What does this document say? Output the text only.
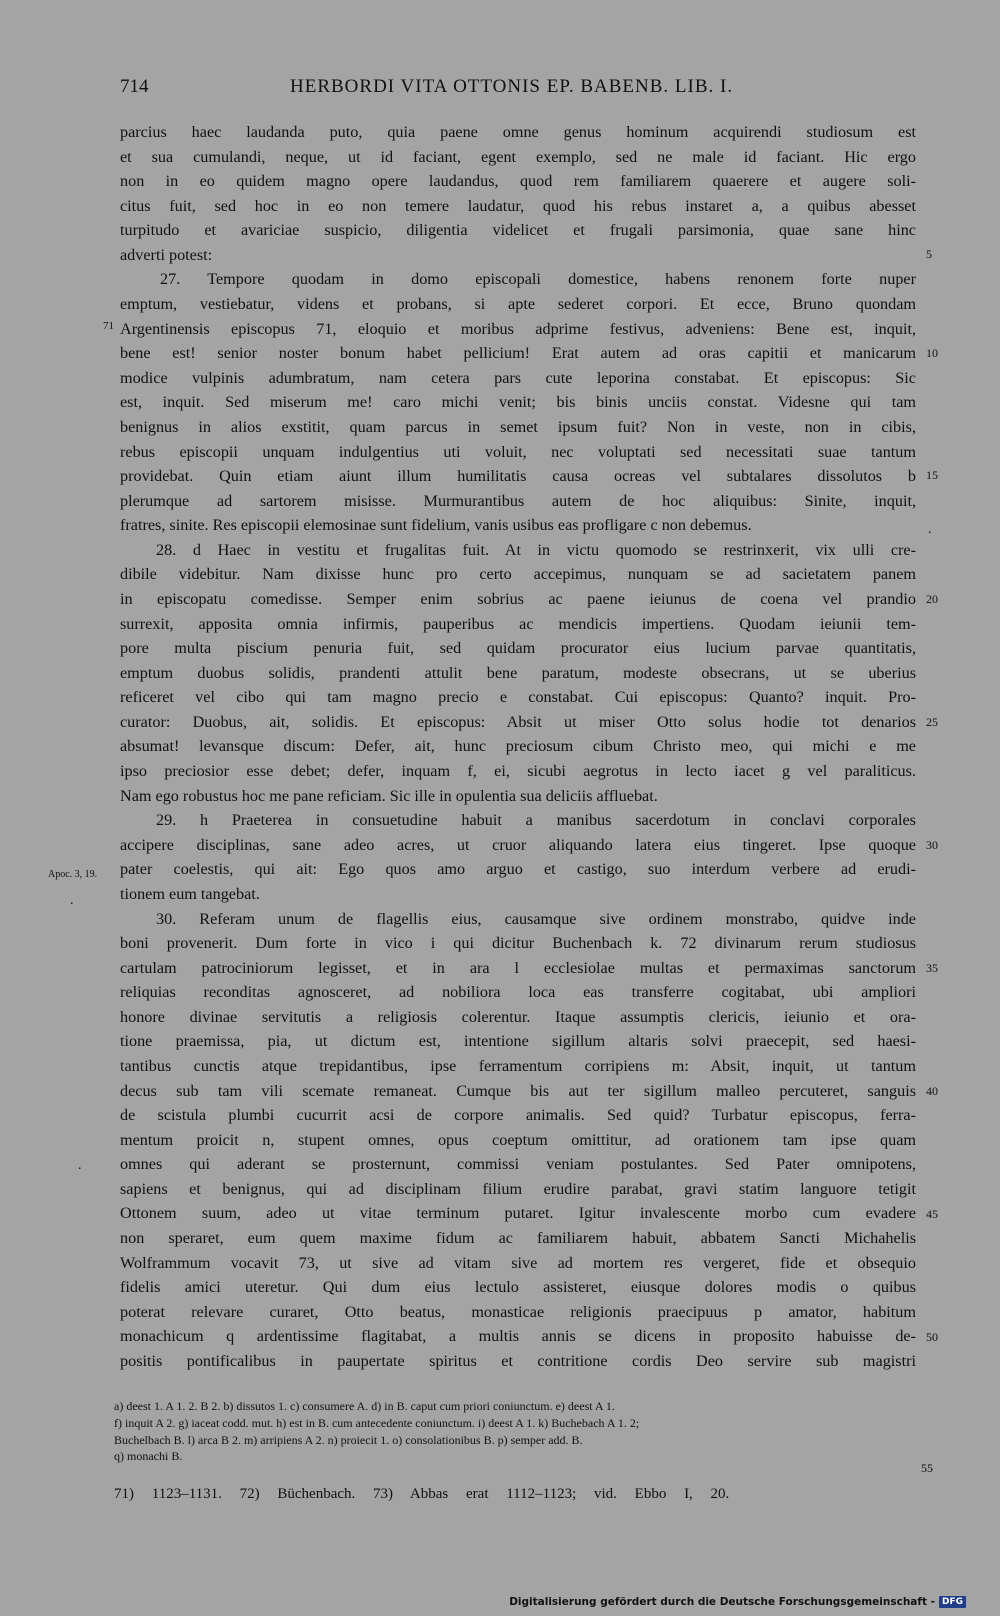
714	HERBORDI VITA OTTONIS EP. BABENB. LIB. I.
parcius haec laudanda puto, quia paene omne genus hominum acquirendi studiosum est
et sua cumulandi, neque, ut id faciant, egent exemplo, sed ne male id faciant. Hic ergo
non in eo quidem magno opere laudandus, quod rem familiarem quaerere et augere soli-
citus fuit, sed hoc in eo non temere laudatur, quod his rebus instaret a, a quibus abesset
turpitudo et avariciae suspicio, diligentia videlicet et frugali parsimonia, quae sane hinc
adverti potest:
27. Tempore quodam in domo episcopali domestice, habens renonem forte nuper
emptum, vestiebatur, videns et probans, si apte sederet corpori. Et ecce, Bruno quondam
Argentinensis episcopus 71, eloquio et moribus adprime festivus, adveniens: Bene est, inquit,
bene est! senior noster bonum habet pellicium! Erat autem ad oras capitii et manicarum
modice vulpinis adumbratum, nam cetera pars cute leporina constabat. Et episcopus: Sic
est, inquit. Sed miserum me! caro michi venit; bis binis unciis constat. Videsne qui tam
benignus in alios exstitit, quam parcus in semet ipsum fuit? Non in veste, non in cibis,
rebus episcopii unquam indulgentius uti voluit, nec voluptati sed necessitati suae tantum
providebat. Quin etiam aiunt illum humilitatis causa ocreas vel subtalares dissolutos b
plerumque ad sartorem misisse. Murmurantibus autem de hoc aliquibus: Sinite, inquit,
fratres, sinite. Res episcopii elemosinae sunt fidelium, vanis usibus eas profligare c non debemus.
28. d Haec in vestitu et frugalitas fuit. At in victu quomodo se restrinxerit, vix ulli cre-
dibile videbitur. Nam dixisse hunc pro certo accepimus, nunquam se ad sacietatem panem
in episcopatu comedisse. Semper enim sobrius ac paene ieiunus de coena vel prandio
surrexit, apposita omnia infirmis, pauperibus ac mendicis impertiens. Quodam ieiunii tem-
pore multa piscium penuria fuit, sed quidam procurator eius lucium parvae quantitatis,
emptum duobus solidis, prandenti attulit bene paratum, modeste obsecrans, ut se uberius
reficeret vel cibo qui tam magno precio e constabat. Cui episcopus: Quanto? inquit. Pro-
curator: Duobus, ait, solidis. Et episcopus: Absit ut miser Otto solus hodie tot denarios
absumat! levansque discum: Defer, ait, hunc preciosum cibum Christo meo, qui michi e me
ipso preciosior esse debet; defer, inquam f, ei, sicubi aegrotus in lecto iacet g vel paraliticus.
Nam ego robustus hoc me pane reficiam. Sic ille in opulentia sua deliciis affluebat.
29. h Praeterea in consuetudine habuit a manibus sacerdotum in conclavi corporales
accipere disciplinas, sane adeo acres, ut cruor aliquando latera eius tingeret. Ipse quoque
pater coelestis, qui ait: Ego quos amo arguo et castigo, suo interdum verbere ad erudi-
tionem eum tangebat.
30. Referam unum de flagellis eius, causamque sive ordinem monstrabo, quidve inde
boni provenerit. Dum forte in vico i qui dicitur Buchenbach k. 72 divinarum rerum studiosus
cartulam patrociniorum legisset, et in ara l ecclesiolae multas et permaximas sanctorum
reliquias reconditas agnosceret, ad nobiliora loca eas transferre cogitabat, ubi ampliori
honore divinae servitutis a religiosis colerentur. Itaque assumptis clericis, ieiunio et ora-
tione praemissa, pia, ut dictum est, intentione sigillum altaris solvi praecepit, sed haesi-
tantibus cunctis atque trepidantibus, ipse ferramentum corripiens m: Absit, inquit, ut tantum
decus sub tam vili scemate remaneat. Cumque bis aut ter sigillum malleo percuteret, sanguis
de scistula plumbi cucurrit acsi de corpore animalis. Sed quid? Turbatur episcopus, ferra-
mentum proicit n, stupent omnes, opus coeptum omittitur, ad orationem tam ipse quam
omnes qui aderant se prosternunt, commissi veniam postulantes. Sed Pater omnipotens,
sapiens et benignus, qui ad disciplinam filium erudire parabat, gravi statim languore tetigit
Ottonem suum, adeo ut vitae terminum putaret. Igitur invalescente morbo cum evadere
non speraret, eum quem maxime fidum ac familiarem habuit, abbatem Sancti Michahelis
Wolframmum vocavit 73, ut sive ad vitam sive ad mortem res vergeret, fide et obsequio
fidelis amici uteretur. Qui dum eius lectulo assisteret, eiusque dolores modis o quibus
poterat relevare curaret, Otto beatus, monasticae religionis praecipuus p amator, habitum
monachicum q ardentissime flagitabat, a multis annis se dicens in proposito habuisse de-
positis pontificalibus in paupertate spiritus et contritione cordis Deo servire sub magistri
5
10
15
20
25
30
35
40
45
50
55
71
Apoc. 3, 19.
.
.
.
a) deest 1. A 1. 2. B 2. b) dissutos 1. c) consumere A. d) in B. caput cum priori coniunctum. e) deest A 1.
f) inquit A 2. g) iaceat codd. mut. h) est in B. cum antecedente coniunctum. i) deest A 1. k) Buchebach A 1. 2;
Buchelbach B. l) arca B 2. m) arripiens A 2. n) proiecit 1. o) consolationibus B. p) semper add. B.
q) monachi B.
71) 1123–1131. 72) Büchenbach. 73) Abbas erat 1112–1123; vid. Ebbo I, 20.
Digitalisierung gefördert durch die Deutsche Forschungsgemeinschaft - DFG
